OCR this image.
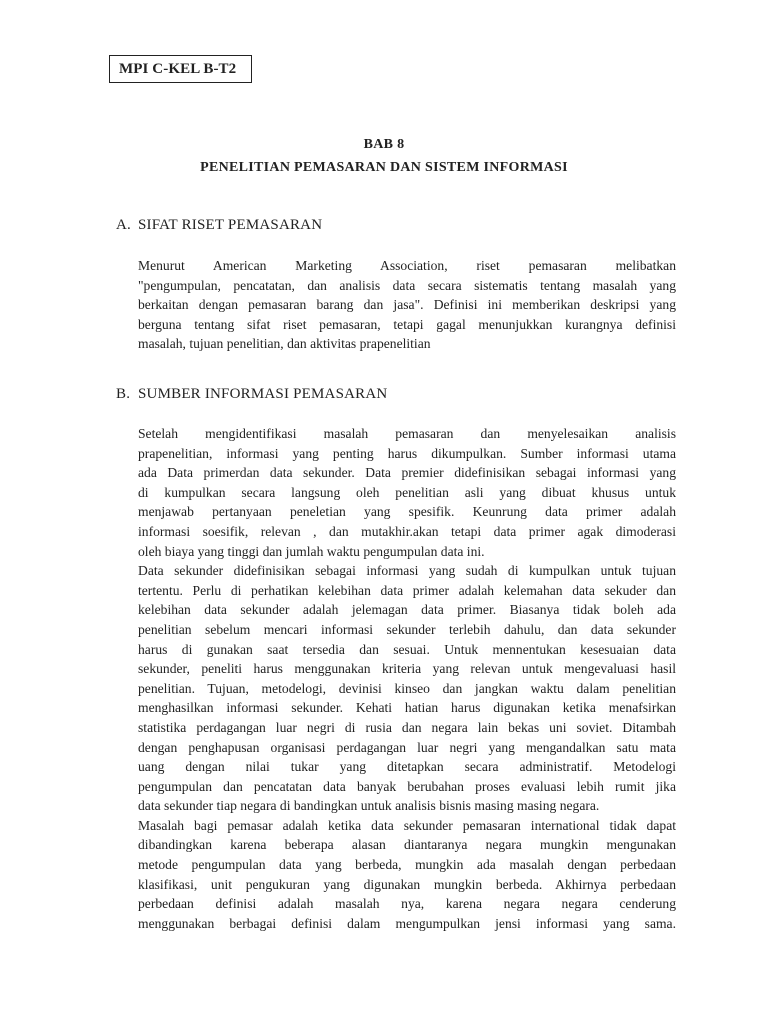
MPI C-KEL B-T2
BAB 8
PENELITIAN PEMASARAN DAN SISTEM INFORMASI
A. SIFAT RISET PEMASARAN
Menurut American Marketing Association, riset pemasaran melibatkan
"pengumpulan, pencatatan, dan analisis data secara sistematis tentang masalah yang
berkaitan dengan pemasaran barang dan jasa". Definisi ini memberikan deskripsi yang
berguna tentang sifat riset pemasaran, tetapi gagal menunjukkan kurangnya definisi
masalah, tujuan penelitian, dan aktivitas prapenelitian
B. SUMBER INFORMASI PEMASARAN
Setelah mengidentifikasi masalah pemasaran dan menyelesaikan analisis
prapenelitian, informasi yang penting harus dikumpulkan. Sumber informasi utama
ada Data primerdan data sekunder. Data premier didefinisikan sebagai informasi yang
di kumpulkan secara langsung oleh penelitian asli yang dibuat khusus untuk
menjawab pertanyaan peneletian yang spesifik. Keunrung data primer adalah
informasi soesifik, relevan , dan mutakhir.akan tetapi data primer agak dimoderasi
oleh biaya yang tinggi dan jumlah waktu pengumpulan data ini.
Data sekunder didefinisikan sebagai informasi yang sudah di kumpulkan untuk tujuan
tertentu. Perlu di perhatikan kelebihan data primer adalah kelemahan data sekuder dan
kelebihan data sekunder adalah jelemagan data primer. Biasanya tidak boleh ada
penelitian sebelum mencari informasi sekunder terlebih dahulu, dan data sekunder
harus di gunakan saat tersedia dan sesuai. Untuk mennentukan kesesuaian data
sekunder, peneliti harus menggunakan kriteria yang relevan untuk mengevaluasi hasil
penelitian. Tujuan, metodelogi, devinisi kinseo dan jangkan waktu dalam penelitian
menghasilkan informasi sekunder. Kehati hatian harus digunakan ketika menafsirkan
statistika perdagangan luar negri di rusia dan negara lain bekas uni soviet. Ditambah
dengan penghapusan organisasi perdagangan luar negri yang mengandalkan satu mata
uang dengan nilai tukar yang ditetapkan secara administratif. Metodelogi
pengumpulan dan pencatatan data banyak berubahan proses evaluasi lebih rumit jika
data sekunder tiap negara di bandingkan untuk analisis bisnis masing masing negara.
Masalah bagi pemasar adalah ketika data sekunder pemasaran international tidak dapat
dibandingkan karena beberapa alasan diantaranya negara mungkin mengunakan
metode pengumpulan data yang berbeda, mungkin ada masalah dengan perbedaan
klasifikasi, unit pengukuran yang digunakan mungkin berbeda. Akhirnya perbedaan
perbedaan definisi adalah masalah nya, karena negara negara cenderung
menggunakan berbagai definisi dalam mengumpulkan jensi informasi yang sama.
